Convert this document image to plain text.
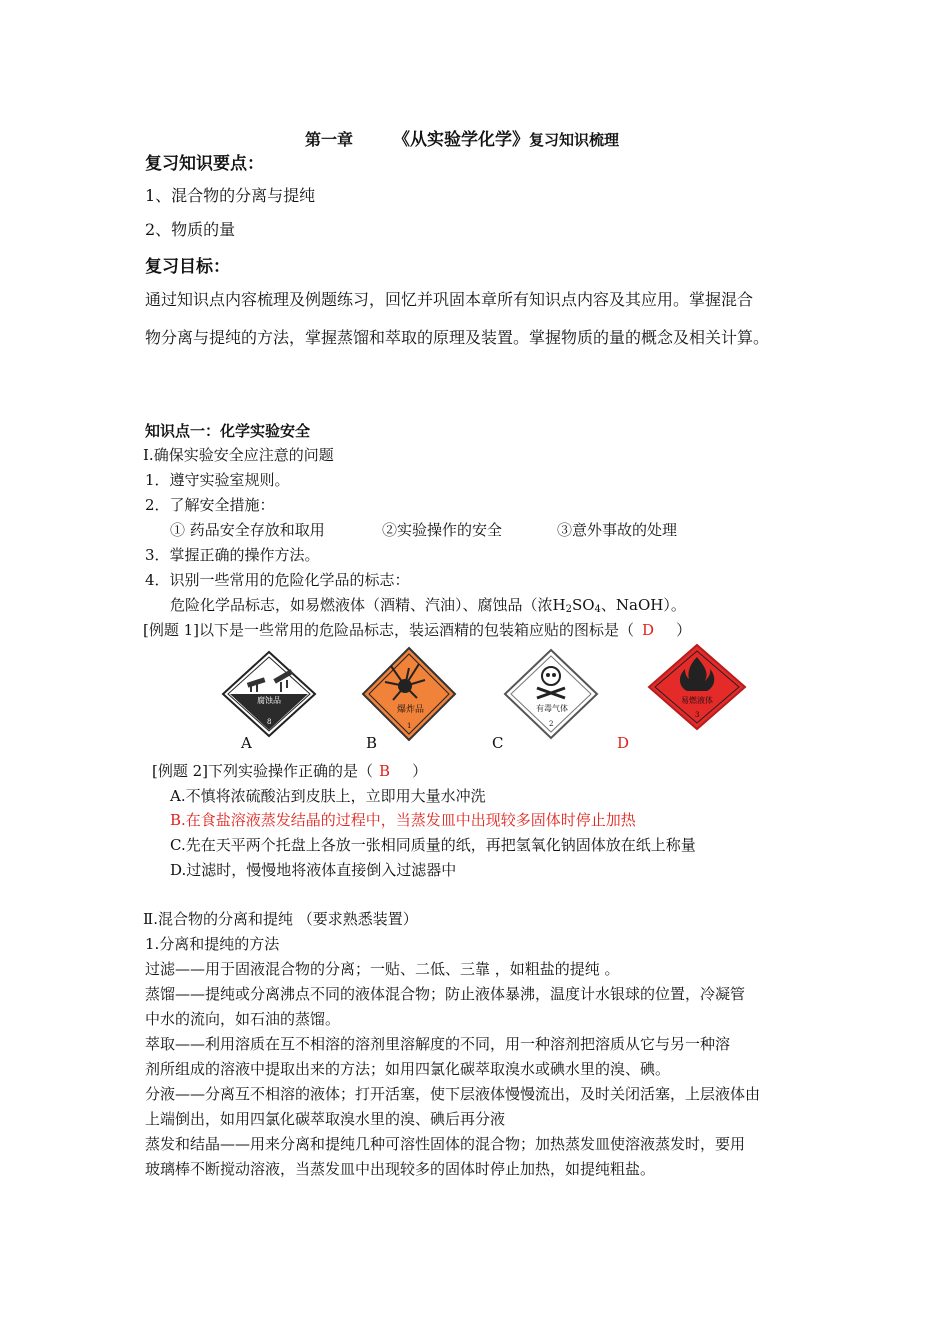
第一章 《从实验学化学》复习知识梳理
复习知识要点：
1、混合物的分离与提纯
2、物质的量
复习目标：
通过知识点内容梳理及例题练习，回忆并巩固本章所有知识点内容及其应用。掌握混合
物分离与提纯的方法，掌握蒸馏和萃取的原理及装置。掌握物质的量的概念及相关计算。
知识点一：化学实验安全
Ⅰ.确保实验安全应注意的问题
1．遵守实验室规则。
2．了解安全措施：
① 药品安全存放和取用	②实验操作的安全	③意外事故的处理
3．掌握正确的操作方法。
4．识别一些常用的危险化学品的标志：
危险化学品标志，如易燃液体（酒精、汽油）、腐蚀品（浓$H_2SO_4$、NaOH）。
[例题 1]以下是一些常用的危险品标志，装运酒精的包装箱应贴的图标是（ D ）
腐蚀品
8
A
爆炸品
1
B
有毒气体
2
C
易燃液体
3
D
[例题 2]下列实验操作正确的是（ B ）
A.不慎将浓硫酸沾到皮肤上，立即用大量水冲洗
B.在食盐溶液蒸发结晶的过程中，当蒸发皿中出现较多固体时停止加热
C.先在天平两个托盘上各放一张相同质量的纸，再把氢氧化钠固体放在纸上称量
D.过滤时，慢慢地将液体直接倒入过滤器中
Ⅱ.混合物的分离和提纯 （要求熟悉装置）
1.分离和提纯的方法
过滤——用于固液混合物的分离；一贴、二低、三靠 ，如粗盐的提纯 。
蒸馏——提纯或分离沸点不同的液体混合物；防止液体暴沸，温度计水银球的位置，冷凝管
中水的流向，如石油的蒸馏。
萃取——利用溶质在互不相溶的溶剂里溶解度的不同，用一种溶剂把溶质从它与另一种溶
剂所组成的溶液中提取出来的方法；如用四氯化碳萃取溴水或碘水里的溴、碘。
分液——分离互不相溶的液体；打开活塞，使下层液体慢慢流出，及时关闭活塞，上层液体由
上端倒出，如用四氯化碳萃取溴水里的溴、碘后再分液
蒸发和结晶——用来分离和提纯几种可溶性固体的混合物；加热蒸发皿使溶液蒸发时，要用
玻璃棒不断搅动溶液，当蒸发皿中出现较多的固体时停止加热，如提纯粗盐。
